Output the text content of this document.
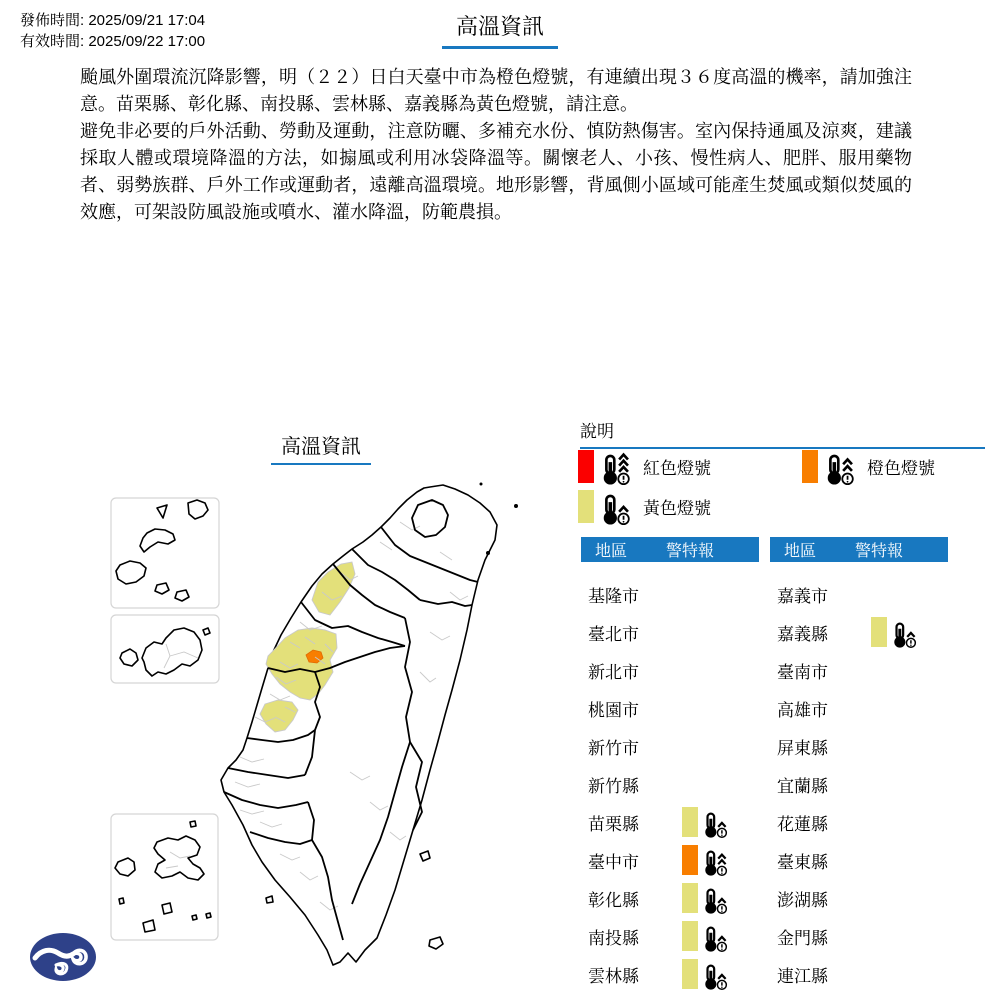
發佈時間: 2025/09/21 17:04
有效時間: 2025/09/22 17:00
高溫資訊

颱風外圍環流沉降影響，明（２２）日白天臺中市為橙色燈號，有連續出現３６度高溫的機率，請加強注意。苗栗縣、彰化縣、南投縣、雲林縣、嘉義縣為黃色燈號，請注意。

避免非必要的戶外活動、勞動及運動，注意防曬、多補充水份、慎防熱傷害。室內保持通風及涼爽，建議採取人體或環境降溫的方法，如搧風或利用冰袋降溫等。關懷老人、小孩、慢性病人、肥胖、服用藥物者、弱勢族群、戶外工作或運動者，遠離高溫環境。地形影響，背風側小區域可能產生焚風或類似焚風的效應，可架設防風設施或噴水、灌水降溫，防範農損。

高溫資訊
說明
紅色燈號	橙色燈號
黃色燈號
地區	警特報
基隆市
臺北市
新北市
桃園市
新竹市
新竹縣
苗栗縣
臺中市
彰化縣
南投縣
雲林縣
地區	警特報
嘉義市
嘉義縣
臺南市
高雄市
屏東縣
宜蘭縣
花蓮縣
臺東縣
澎湖縣
金門縣
連江縣
